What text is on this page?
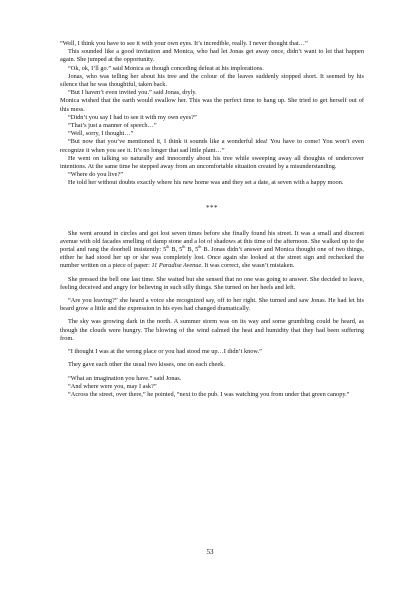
“Well, I think you have to see it with your own eyes. It’s incredible, really. I never thought that…”

This sounded like a good invitation and Monica, who had let Jonas get away once, didn’t want to let that happen again. She jumped at the opportunity.

“Ok, ok, I’ll go.” said Monica as though conceding defeat at his implorations.

Jonas, who was telling her about his tree and the colour of the leaves suddenly stopped short. It seemed by his silence that he was thoughtful, taken back.

“But I haven’t even invited you.” said Jonas, dryly.

Monica wished that the earth would swallow her. This was the perfect time to hang up. She tried to get herself out of this mess.

“Didn’t you say I had to see it with my own eyes?”

“That’s just a manner of speech…”

“Well, sorry, I thought…”

“But now that you’ve mentioned it, I think it sounds like a wonderful idea! You have to come! You won’t even recognize it when you see it. It’s no longer that sad little plant…”

He went on talking so naturally and innocently about his tree while sweeping away all thoughts of undercover intentions. At the same time he stepped away from an uncomfortable situation created by a misunderstanding.

“Where do you live?”

He told her without doubts exactly where his new home was and they set a date, at seven with a happy moon.

***

She went around in circles and got lost seven times before she finally found his street. It was a small and discreet avenue with old facades smelling of damp stone and a lot of shadows at this time of the afternoon. She walked up to the portal and rang the doorbell insistently: 5th B, 5th B, 5th B. Jonas didn’t answer and Monica thought one of two things, either he had stood her up or she was completely lost. Once again she looked at the street sign and rechecked the number written on a piece of paper: 11 Paradise Avenue. It was correct, she wasn’t mistaken.

She pressed the bell one last time. She waited but she sensed that no one was going to answer. She decided to leave, feeling deceived and angry for believing in such silly things. She turned on her heels and left.

“Are you leaving?” she heard a voice she recognized say, off to her right. She turned and saw Jonas. He had let his beard grow a little and the expression in his eyes had changed dramatically.

The sky was growing dark in the north. A summer storm was on its way and some grumbling could be heard, as though the clouds were hungry. The blowing of the wind calmed the heat and humidity that they had been suffering from.

“I thought I was at the wrong place or you had stood me up…I didn’t know.”

They gave each other the usual two kisses, one on each cheek.

“What an imagination you have.” said Jonas.

“And where were you, may I ask?”

“Across the street, over there,” he pointed, “next to the pub. I was watching you from under that green canopy.”

53
